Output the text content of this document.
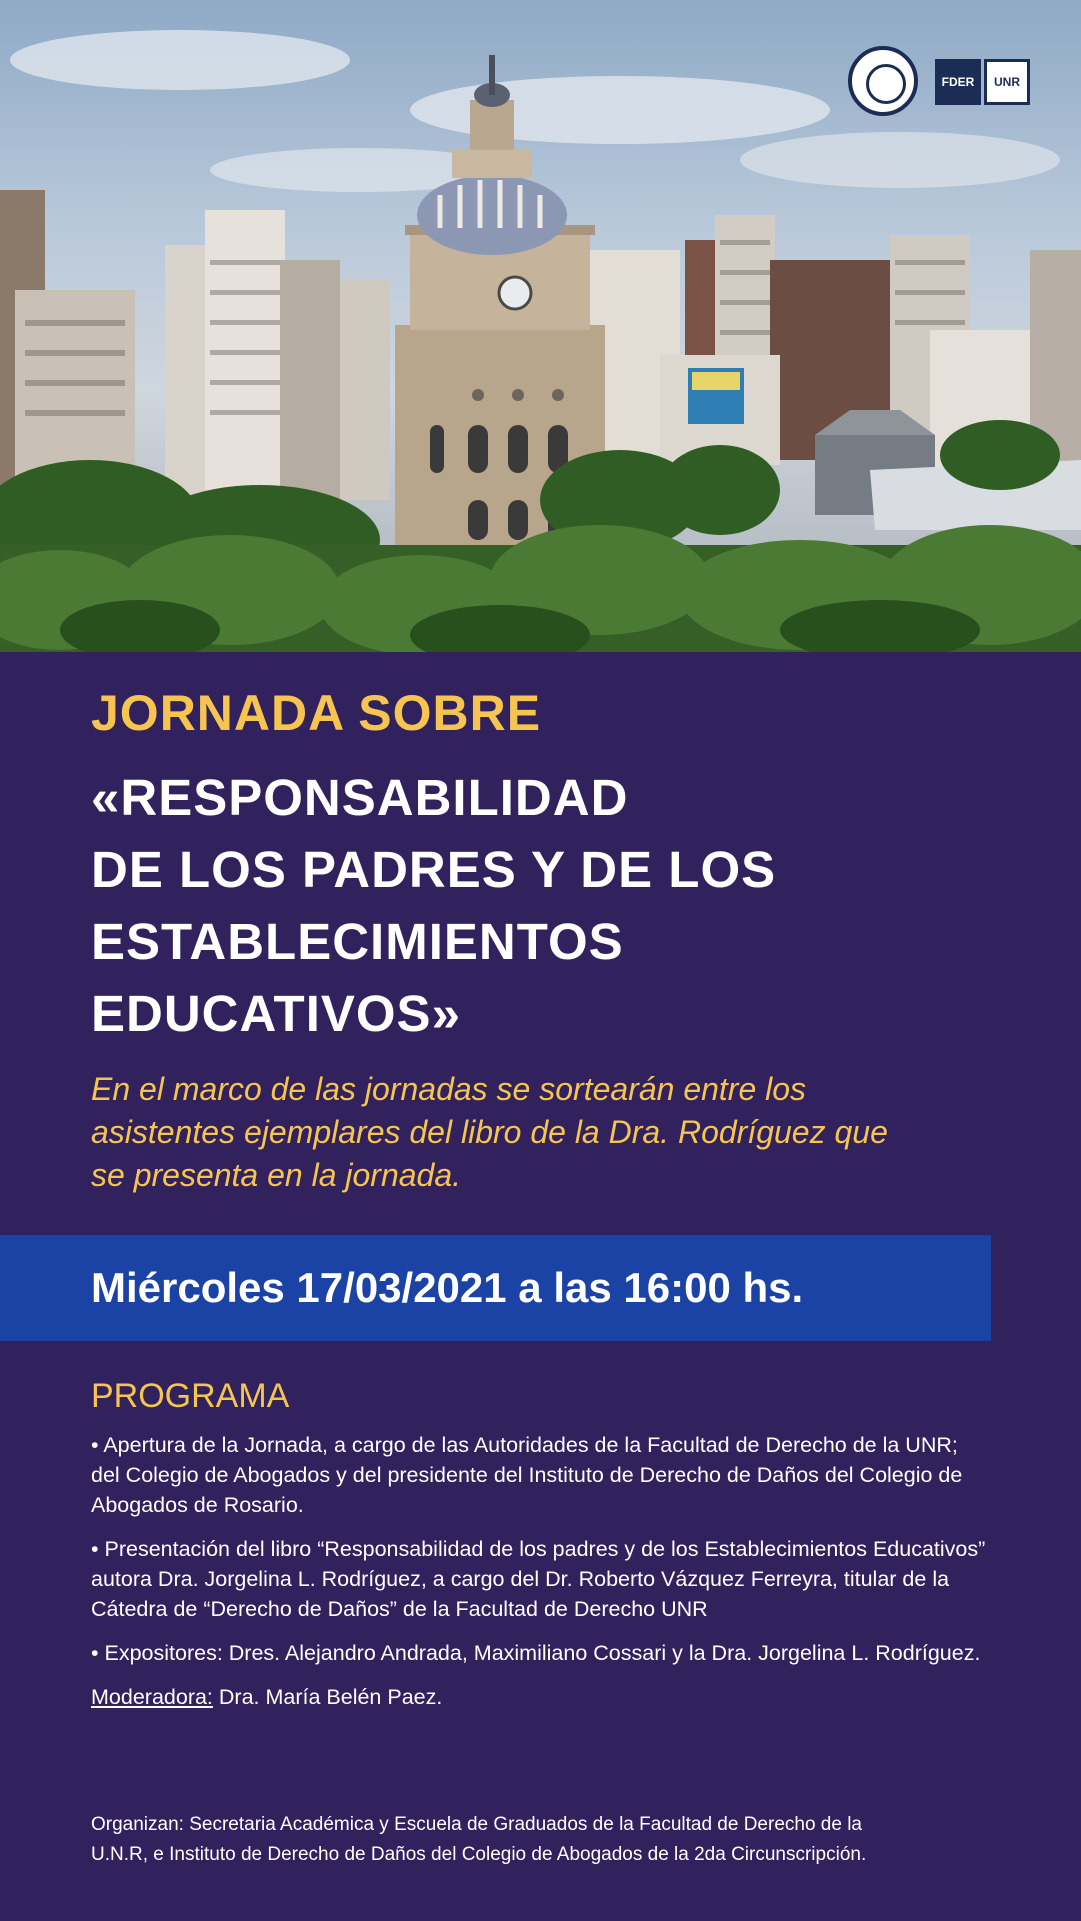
FDER	UNR
JORNADA SOBRE
«RESPONSABILIDAD
DE LOS PADRES Y DE LOS
ESTABLECIMIENTOS
EDUCATIVOS»
En el marco de las jornadas se sortearán entre los
asistentes ejemplares del libro de la Dra. Rodríguez que
se presenta en la jornada.
Miércoles 17/03/2021 a las 16:00 hs.
PROGRAMA

• Apertura de la Jornada, a cargo de las Autoridades de la Facultad de Derecho de la UNR; del Colegio de Abogados y del presidente del Instituto de Derecho de Daños del Colegio de Abogados de Rosario.

• Presentación del libro “Responsabilidad de los padres y de los Establecimientos Educativos” autora Dra. Jorgelina L. Rodríguez, a cargo del Dr. Roberto Vázquez Ferreyra, titular de la Cátedra de “Derecho de Daños” de la Facultad de Derecho UNR

• Expositores: Dres. Alejandro Andrada, Maximiliano Cossari y la Dra. Jorgelina L. Rodríguez.

Moderadora: Dra. María Belén Paez.

Organizan: Secretaria Académica y Escuela de Graduados de la Facultad de Derecho de la
U.N.R, e Instituto de Derecho de Daños del Colegio de Abogados de la 2da Circunscripción.
